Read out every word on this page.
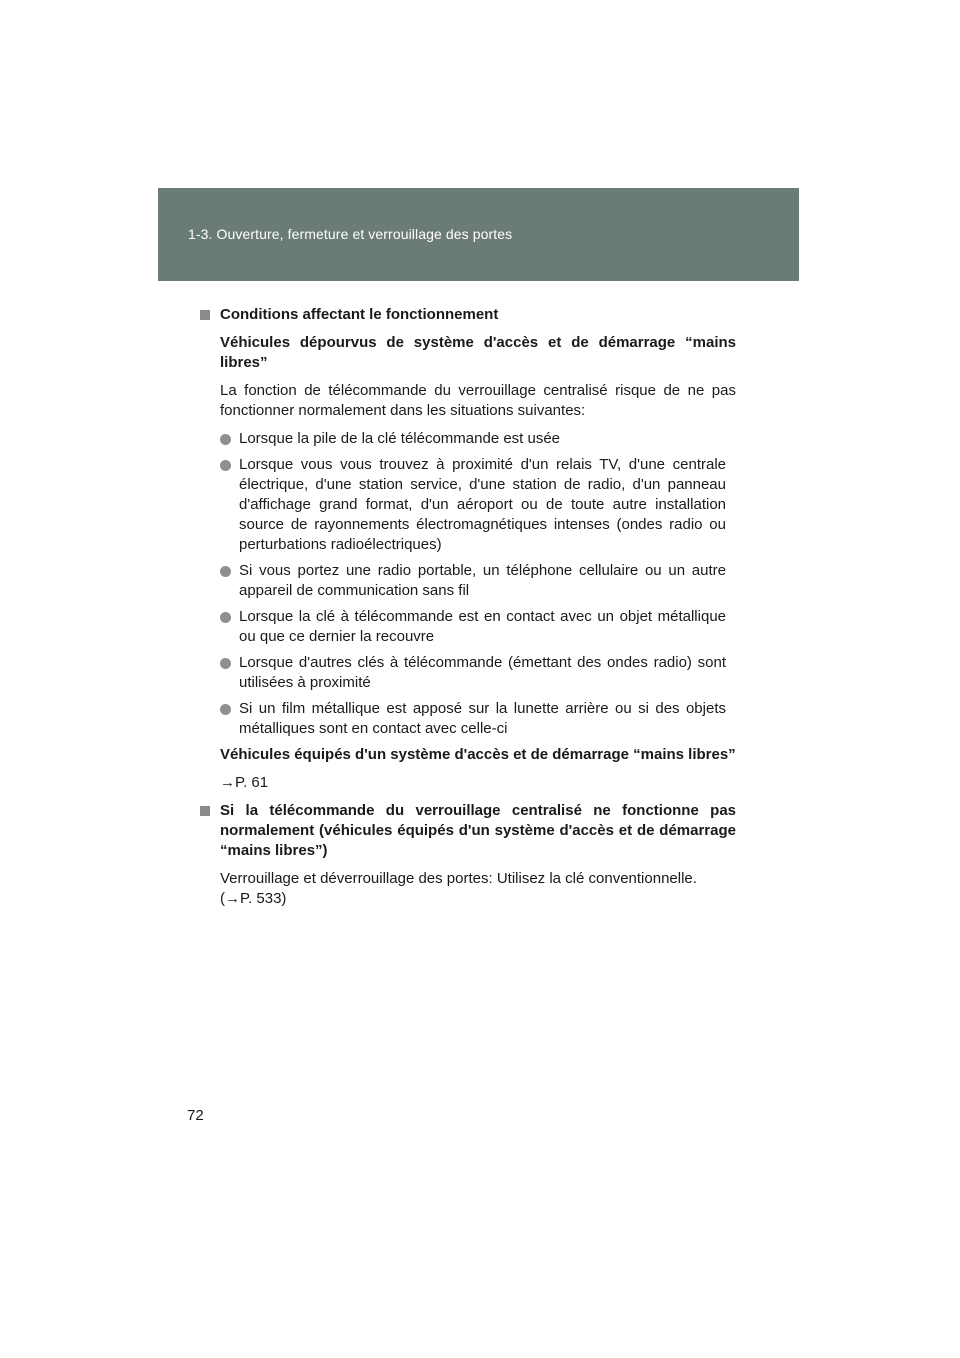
1-3. Ouverture, fermeture et verrouillage des portes
Conditions affectant le fonctionnement
Véhicules dépourvus de système d'accès et de démarrage “mains libres”
La fonction de télécommande du verrouillage centralisé risque de ne pas fonctionner normalement dans les situations suivantes:
Lorsque la pile de la clé télécommande est usée
Lorsque vous vous trouvez à proximité d'un relais TV, d'une centrale électrique, d'une station service, d'une station de radio, d'un panneau d'affichage grand format, d'un aéroport ou de toute autre installation source de rayonnements électromagnétiques intenses (ondes radio ou perturbations radioélectriques)
Si vous portez une radio portable, un téléphone cellulaire ou un autre appareil de communication sans fil
Lorsque la clé à télécommande est en contact avec un objet métallique ou que ce dernier la recouvre
Lorsque d'autres clés à télécommande (émettant des ondes radio) sont utilisées à proximité
Si un film métallique est apposé sur la lunette arrière ou si des objets métalliques sont en contact avec celle-ci
Véhicules équipés d'un système d'accès et de démarrage “mains libres”
→P. 61
Si la télécommande du verrouillage centralisé ne fonctionne pas normalement (véhicules équipés d'un système d'accès et de démarrage “mains libres”)
Verrouillage et déverrouillage des portes: Utilisez la clé conventionnelle.
(→P. 533)
72
